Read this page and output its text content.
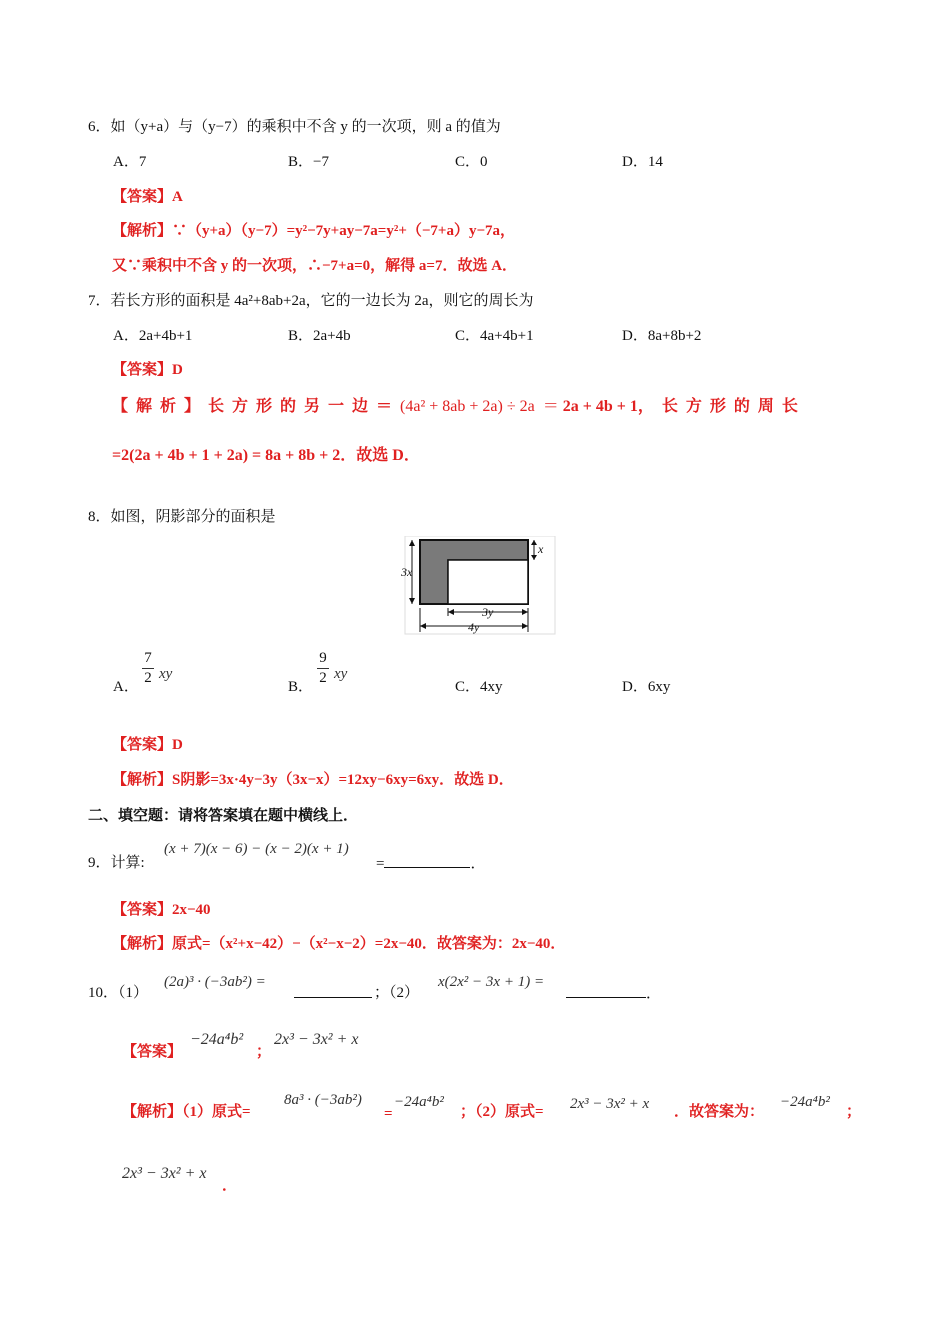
6．如（y+a）与（y−7）的乘积中不含 y 的一次项，则 a 的值为
A．7	B．−7	C．0	D．14
【答案】A
【解析】∵（y+a）（y−7）=y²−7y+ay−7a=y²+（−7+a）y−7a，
又∵乘积中不含 y 的一次项，∴−7+a=0，解得 a=7．故选 A．
7．若长方形的面积是 4a²+8ab+2a，它的一边长为 2a，则它的周长为
A．2a+4b+1	B．2a+4b	C．4a+4b+1	D．8a+8b+2
【答案】D
【解析】长方形的另一边＝(4a² + 8ab + 2a) ÷ 2a ＝ 2a + 4b + 1，长方形的周长
=2(2a + 4b + 1 + 2a) = 8a + 8b + 2．故选 D．
8．如图，阴影部分的面积是
3x
x
3y
4y
A．
7
2 xy
B．
9
2 xy
C．4xy	D．6xy
【答案】D
【解析】S阴影=3x·4y−3y（3x−x）=12xy−6xy=6xy．故选 D．
二、填空题：请将答案填在题中横线上．
9．计算:
(x + 7)(x − 6) − (x − 2)(x + 1)
=	．
【答案】2x−40
【解析】原式=（x²+x−42）−（x²−x−2）=2x−40．故答案为：2x−40．
10．（1）
(2a)³ · (−3ab²) =
；（2）
x(2x² − 3x + 1) =
．
【答案】
−24a⁴b²
；
2x³ − 3x² + x
【解析】（1）原式=
8a³ · (−3ab²)
=
−24a⁴b²
；（2）原式= 2x³ − 3x² + x ．故答案为：
−24a⁴b²
；
2x³ − 3x² + x
．
